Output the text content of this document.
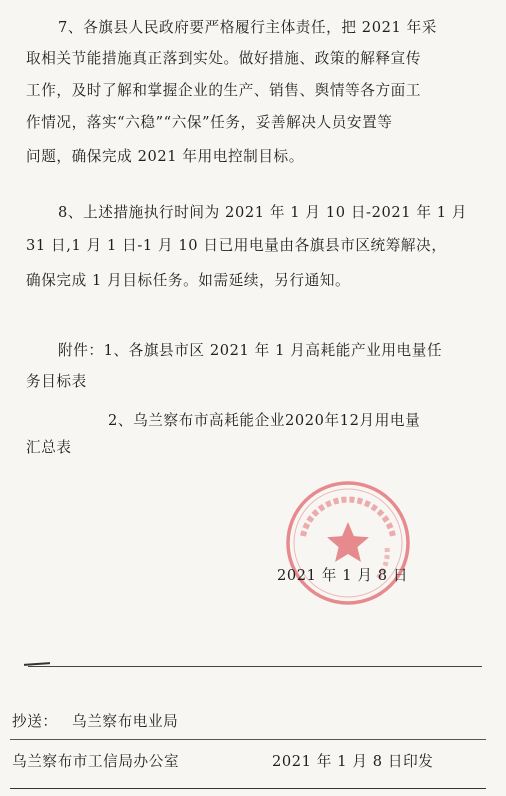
7、各旗县人民政府要严格履行主体责任，把 2021 年采
取相关节能措施真正落到实处。做好措施、政策的解释宣传
工作，及时了解和掌握企业的生产、销售、舆情等各方面工
作情况，落实“六稳”“六保”任务，妥善解决人员安置等
问题，确保完成 2021 年用电控制目标。
8、上述措施执行时间为 2021 年 1 月 10 日-2021 年 1 月
31 日,1 月 1 日-1 月 10 日已用电量由各旗县市区统筹解决，
确保完成 1 月目标任务。如需延续，另行通知。
附件：1、各旗县市区 2021 年 1 月高耗能产业用电量任
务目标表
2、乌兰察布市高耗能企业2020年12月用电量
汇总表
2021 年 1 月 8 日
抄送： 乌兰察布电业局
乌兰察布市工信局办公室	2021 年 1 月 8 日印发
